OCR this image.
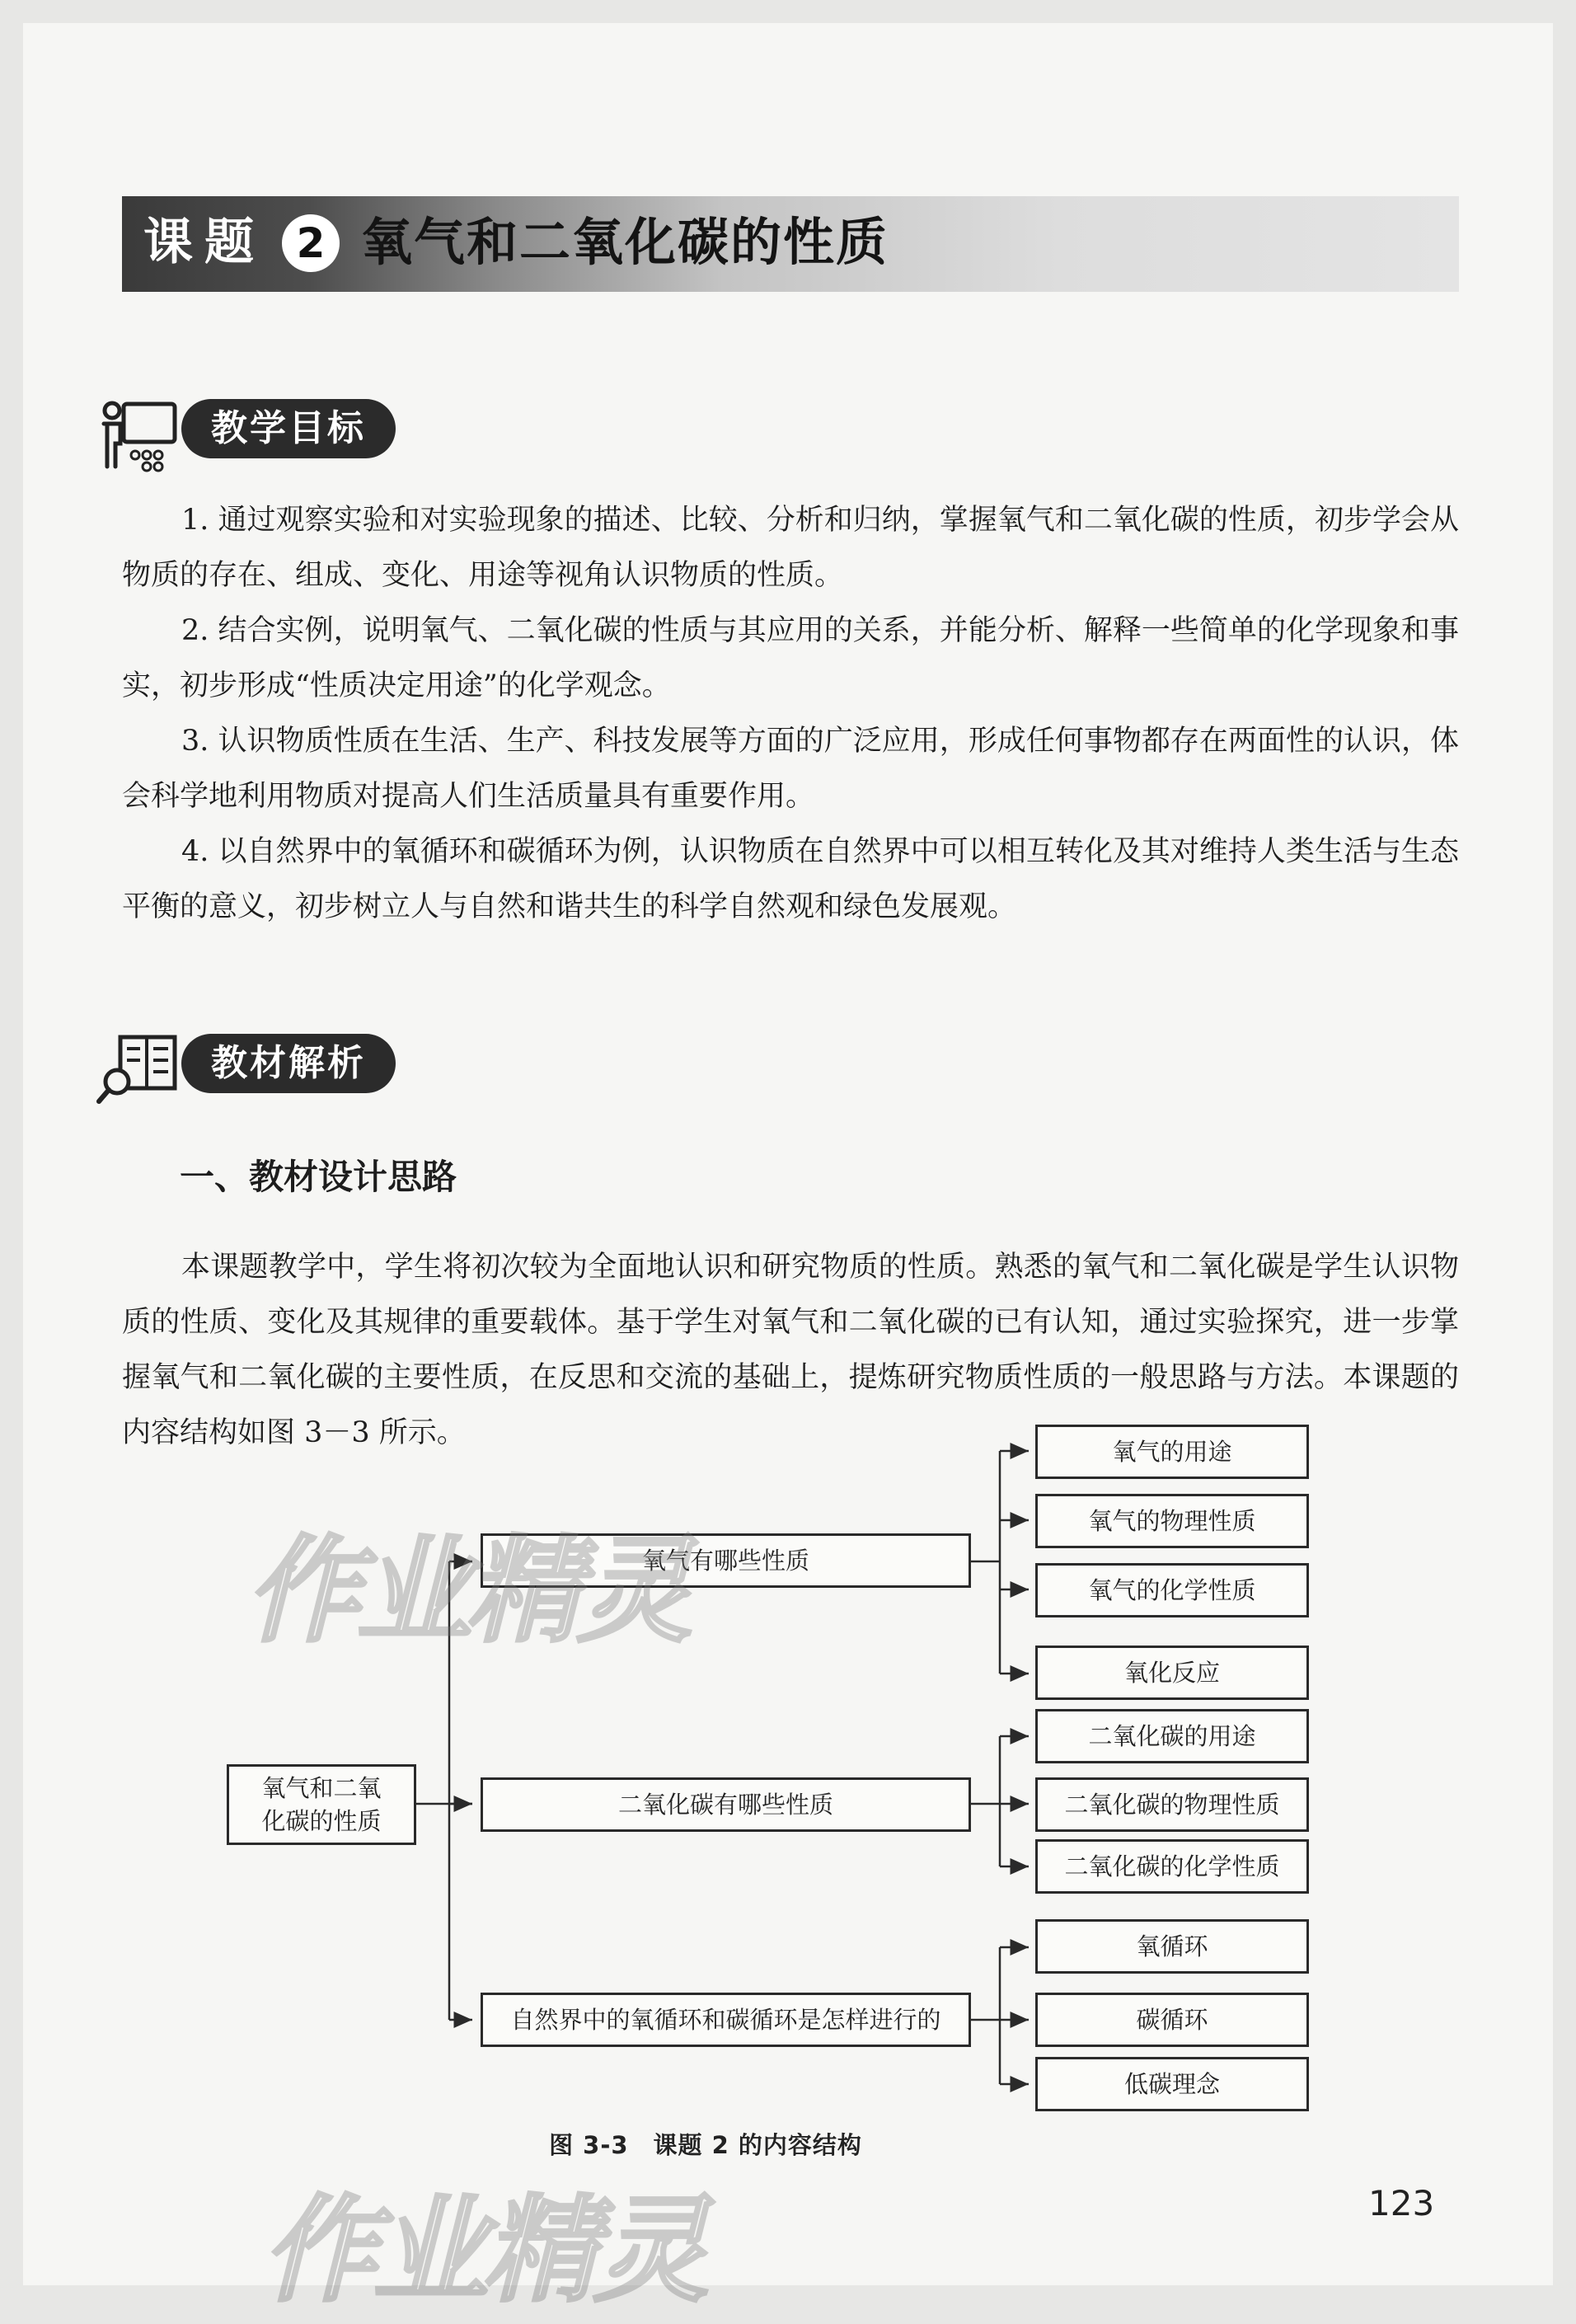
课题 2 氧气和二氧化碳的性质
教学目标

1. 通过观察实验和对实验现象的描述、比较、分析和归纳，掌握氧气和二氧化碳的性质，初步学会从物质的存在、组成、变化、用途等视角认识物质的性质。

2. 结合实例，说明氧气、二氧化碳的性质与其应用的关系，并能分析、解释一些简单的化学现象和事实，初步形成“性质决定用途”的化学观念。

3. 认识物质性质在生活、生产、科技发展等方面的广泛应用，形成任何事物都存在两面性的认识，体会科学地利用物质对提高人们生活质量具有重要作用。

4. 以自然界中的氧循环和碳循环为例，认识物质在自然界中可以相互转化及其对维持人类生活与生态平衡的意义，初步树立人与自然和谐共生的科学自然观和绿色发展观。

教材解析
一、教材设计思路

本课题教学中，学生将初次较为全面地认识和研究物质的性质。熟悉的氧气和二氧化碳是学生认识物质的性质、变化及其规律的重要载体。基于学生对氧气和二氧化碳的已有认知，通过实验探究，进一步掌握氧气和二氧化碳的主要性质，在反思和交流的基础上，提炼研究物质性质的一般思路与方法。本课题的内容结构如图 3－3 所示。

氧气和二氧
化碳的性质
氧气有哪些性质
二氧化碳有哪些性质
自然界中的氧循环和碳循环是怎样进行的
氧气的用途
氧气的物理性质
氧气的化学性质
氧化反应
二氧化碳的用途
二氧化碳的物理性质
二氧化碳的化学性质
氧循环
碳循环
低碳理念
图 3-3　课题 2 的内容结构
123
作业精灵
作业精灵
